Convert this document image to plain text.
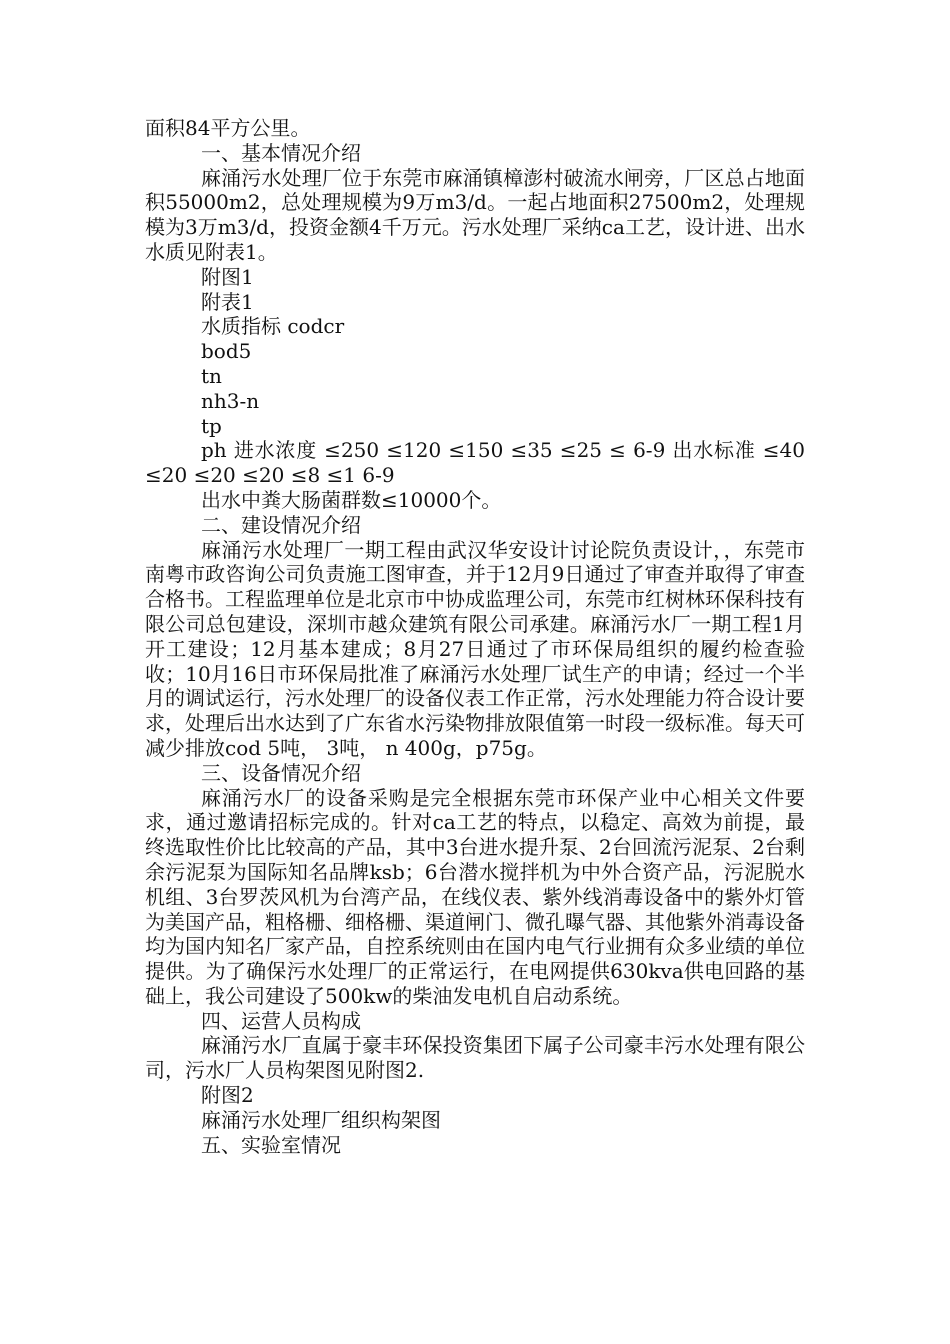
面积84平方公里。

一、基本情况介绍

麻涌污水处理厂位于东莞市麻涌镇樟澎村破流水闸旁，厂区总占地面积55000m2，总处理规模为9万m3/d。一起占地面积27500m2，处理规模为3万m3/d，投资金额4千万元。污水处理厂采纳ca工艺，设计进、出水水质见附表1。

附图1

附表1

水质指标 codcr

bod5

tn

nh3-n

tp

ph 进水浓度 ≤250 ≤120 ≤150 ≤35 ≤25 ≤ 6-9 出水标准 ≤40 ≤20 ≤20 ≤20 ≤8 ≤1 6-9

出水中粪大肠菌群数≤10000个。

二、建设情况介绍

麻涌污水处理厂一期工程由武汉华安设计讨论院负责设计，，东莞市南粤市政咨询公司负责施工图审查，并于12月9日通过了审查并取得了审查合格书。工程监理单位是北京市中协成监理公司，东莞市红树林环保科技有限公司总包建设，深圳市越众建筑有限公司承建。麻涌污水厂一期工程1月开工建设；12月基本建成；8月27日通过了市环保局组织的履约检查验收；10月16日市环保局批准了麻涌污水处理厂试生产的申请；经过一个半月的调试运行，污水处理厂的设备仪表工作正常，污水处理能力符合设计要求，处理后出水达到了广东省水污染物排放限值第一时段一级标准。每天可减少排放cod 5吨， 3吨， n 400g，p75g。

三、设备情况介绍

麻涌污水厂的设备采购是完全根据东莞市环保产业中心相关文件要求，通过邀请招标完成的。针对ca工艺的特点，以稳定、高效为前提，最终选取性价比比较高的产品，其中3台进水提升泵、2台回流污泥泵、2台剩余污泥泵为国际知名品牌ksb；6台潜水搅拌机为中外合资产品，污泥脱水机组、3台罗茨风机为台湾产品，在线仪表、紫外线消毒设备中的紫外灯管为美国产品，粗格栅、细格栅、渠道闸门、微孔曝气器、其他紫外消毒设备均为国内知名厂家产品，自控系统则由在国内电气行业拥有众多业绩的单位提供。为了确保污水处理厂的正常运行，在电网提供630kva供电回路的基础上，我公司建设了500kw的柴油发电机自启动系统。

四、运营人员构成

麻涌污水厂直属于豪丰环保投资集团下属子公司豪丰污水处理有限公司，污水厂人员构架图见附图2.

附图2

麻涌污水处理厂组织构架图

五、实验室情况
